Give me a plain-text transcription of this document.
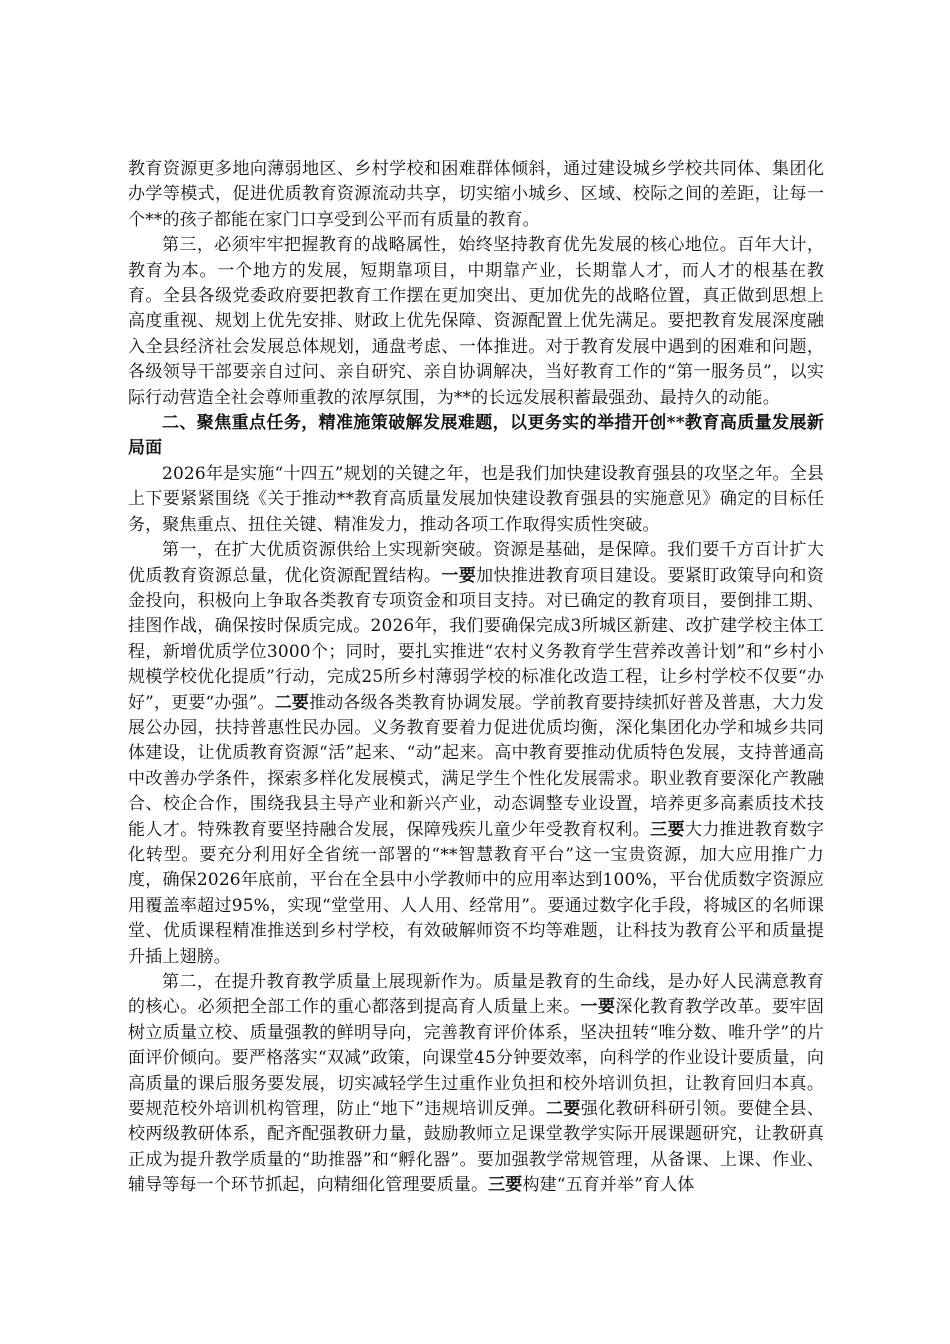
教育资源更多地向薄弱地区、乡村学校和困难群体倾斜，通过建设城乡学校共同体、集团化办学等模式，促进优质教育资源流动共享，切实缩小城乡、区域、校际之间的差距，让每一个**的孩子都能在家门口享受到公平而有质量的教育。

第三，必须牢牢把握教育的战略属性，始终坚持教育优先发展的核心地位。百年大计，教育为本。一个地方的发展，短期靠项目，中期靠产业，长期靠人才，而人才的根基在教育。全县各级党委政府要把教育工作摆在更加突出、更加优先的战略位置，真正做到思想上高度重视、规划上优先安排、财政上优先保障、资源配置上优先满足。要把教育发展深度融入全县经济社会发展总体规划，通盘考虑、一体推进。对于教育发展中遇到的困难和问题，各级领导干部要亲自过问、亲自研究、亲自协调解决，当好教育工作的“第一服务员”，以实际行动营造全社会尊师重教的浓厚氛围，为**的长远发展积蓄最强劲、最持久的动能。

二、聚焦重点任务，精准施策破解发展难题，以更务实的举措开创**教育高质量发展新局面

2026年是实施“十四五”规划的关键之年，也是我们加快建设教育强县的攻坚之年。全县上下要紧紧围绕《关于推动**教育高质量发展加快建设教育强县的实施意见》确定的目标任务，聚焦重点、扭住关键、精准发力，推动各项工作取得实质性突破。

第一，在扩大优质资源供给上实现新突破。资源是基础，是保障。我们要千方百计扩大优质教育资源总量，优化资源配置结构。一要加快推进教育项目建设。要紧盯政策导向和资金投向，积极向上争取各类教育专项资金和项目支持。对已确定的教育项目，要倒排工期、挂图作战，确保按时保质完成。2026年，我们要确保完成3所城区新建、改扩建学校主体工程，新增优质学位3000个；同时，要扎实推进“农村义务教育学生营养改善计划”和“乡村小规模学校优化提质”行动，完成25所乡村薄弱学校的标准化改造工程，让乡村学校不仅要“办好”，更要“办强”。二要推动各级各类教育协调发展。学前教育要持续抓好普及普惠，大力发展公办园，扶持普惠性民办园。义务教育要着力促进优质均衡，深化集团化办学和城乡共同体建设，让优质教育资源“活”起来、“动”起来。高中教育要推动优质特色发展，支持普通高中改善办学条件，探索多样化发展模式，满足学生个性化发展需求。职业教育要深化产教融合、校企合作，围绕我县主导产业和新兴产业，动态调整专业设置，培养更多高素质技术技能人才。特殊教育要坚持融合发展，保障残疾儿童少年受教育权利。三要大力推进教育数字化转型。要充分利用好全省统一部署的“**智慧教育平台”这一宝贵资源，加大应用推广力度，确保2026年底前，平台在全县中小学教师中的应用率达到100%，平台优质数字资源应用覆盖率超过95%，实现“堂堂用、人人用、经常用”。要通过数字化手段，将城区的名师课堂、优质课程精准推送到乡村学校，有效破解师资不均等难题，让科技为教育公平和质量提升插上翅膀。

第二，在提升教育教学质量上展现新作为。质量是教育的生命线，是办好人民满意教育的核心。必须把全部工作的重心都落到提高育人质量上来。一要深化教育教学改革。要牢固树立质量立校、质量强教的鲜明导向，完善教育评价体系，坚决扭转“唯分数、唯升学”的片面评价倾向。要严格落实“双减”政策，向课堂45分钟要效率，向科学的作业设计要质量，向高质量的课后服务要发展，切实减轻学生过重作业负担和校外培训负担，让教育回归本真。要规范校外培训机构管理，防止“地下”违规培训反弹。二要强化教研科研引领。要健全县、校两级教研体系，配齐配强教研力量，鼓励教师立足课堂教学实际开展课题研究，让教研真正成为提升教学质量的“助推器”和“孵化器”。要加强教学常规管理，从备课、上课、作业、辅导等每一个环节抓起，向精细化管理要质量。三要构建“五育并举”育人体
